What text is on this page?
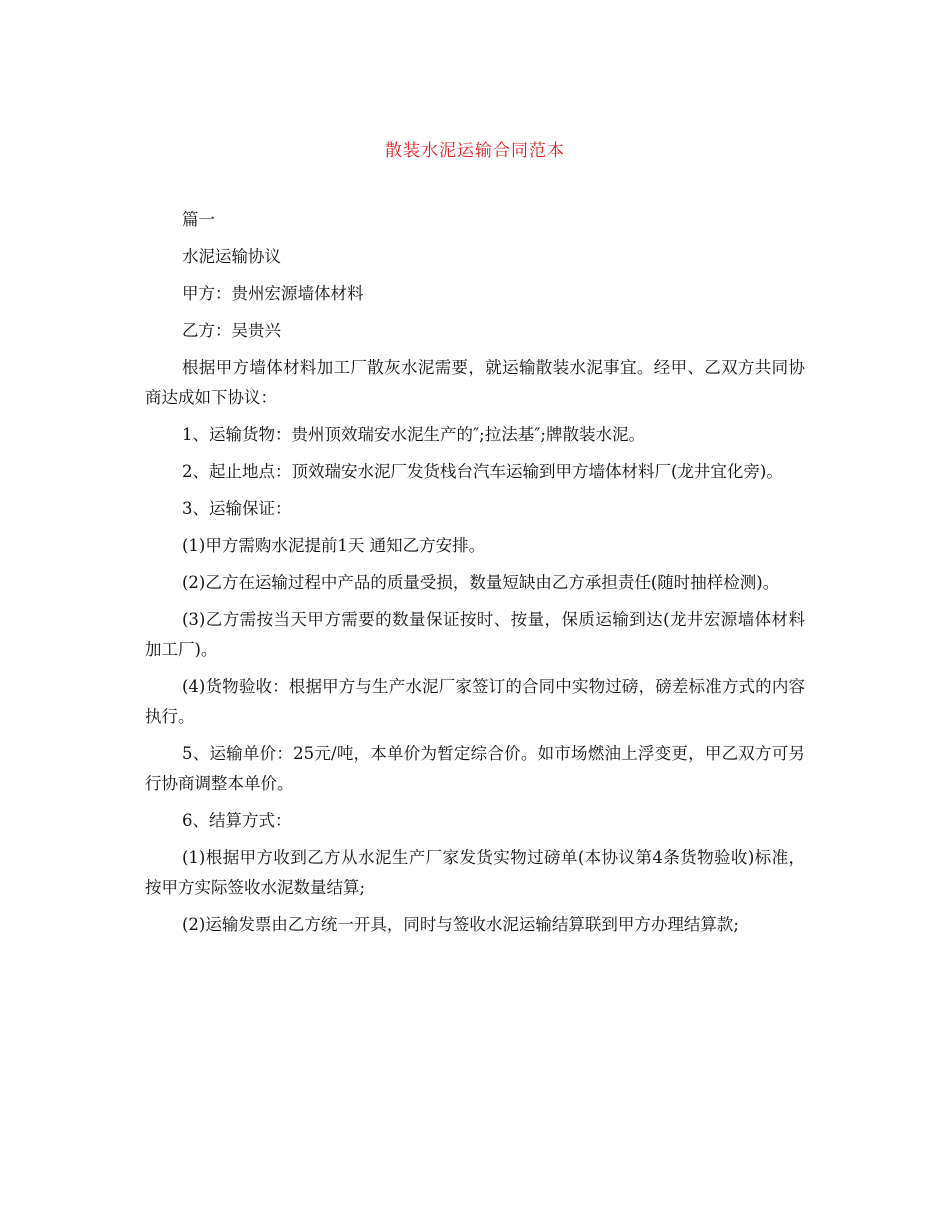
散装水泥运输合同范本

篇一

水泥运输协议

甲方：贵州宏源墙体材料

乙方：吴贵兴

根据甲方墙体材料加工厂散灰水泥需要，就运输散装水泥事宜。经甲、乙双方共同协商达成如下协议：

1、运输货物：贵州顶效瑞安水泥生产的″;拉法基″;牌散装水泥。

2、起止地点：顶效瑞安水泥厂发货栈台汽车运输到甲方墙体材料厂(龙井宜化旁)。

3、运输保证：

(1)甲方需购水泥提前1天 通知乙方安排。

(2)乙方在运输过程中产品的质量受损，数量短缺由乙方承担责任(随时抽样检测)。

(3)乙方需按当天甲方需要的数量保证按时、按量，保质运输到达(龙井宏源墙体材料加工厂)。

(4)货物验收：根据甲方与生产水泥厂家签订的合同中实物过磅，磅差标准方式的内容执行。

5、运输单价：25元/吨，本单价为暂定综合价。如市场燃油上浮变更，甲乙双方可另行协商调整本单价。

6、结算方式：

(1)根据甲方收到乙方从水泥生产厂家发货实物过磅单(本协议第4条货物验收)标准，按甲方实际签收水泥数量结算;

(2)运输发票由乙方统一开具，同时与签收水泥运输结算联到甲方办理结算款;
